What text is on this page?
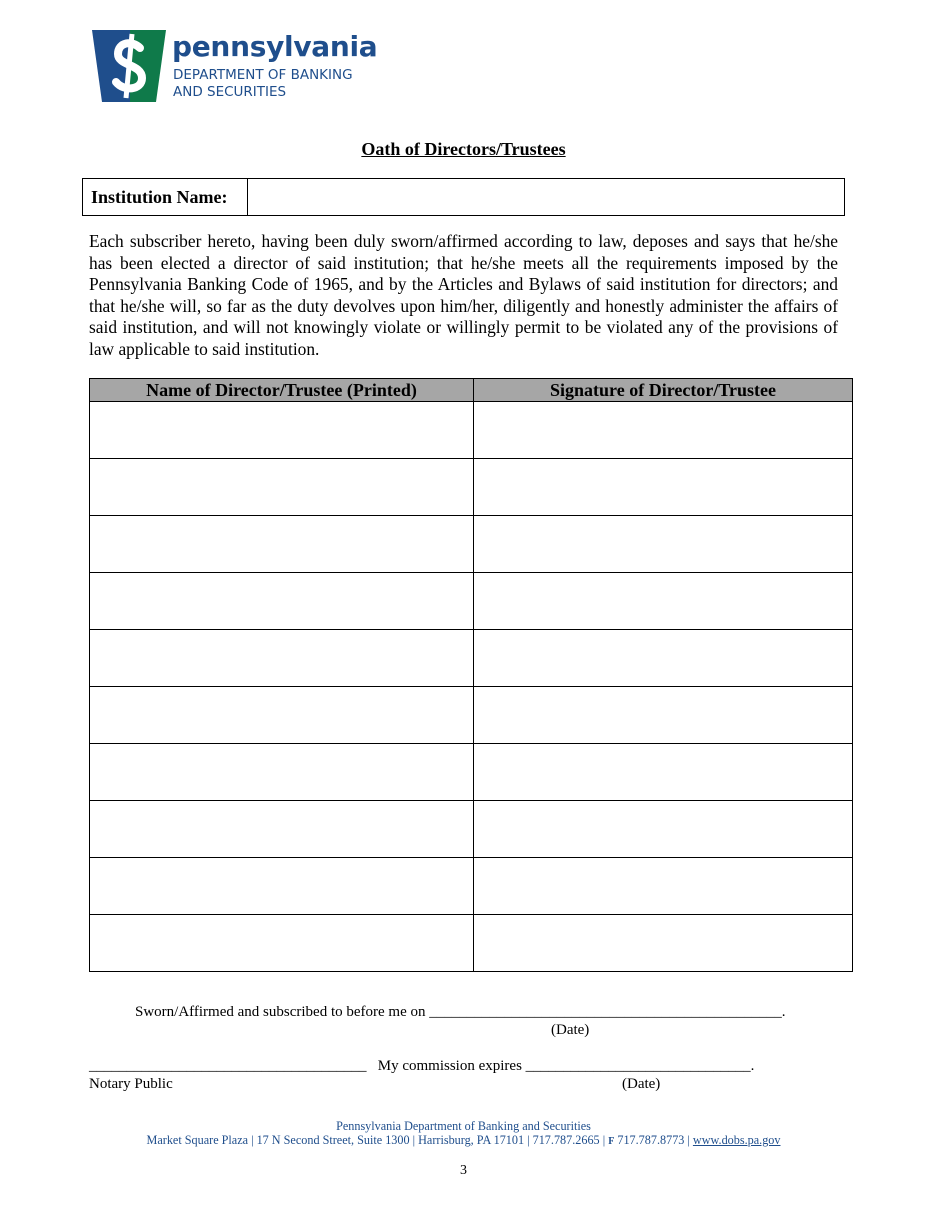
pennsylvania
DEPARTMENT OF BANKING
AND SECURITIES
Oath of Directors/Trustees
Institution Name:
Each subscriber hereto, having been duly sworn/affirmed according to law, deposes and says that he/she has been elected a director of said institution; that he/she meets all the requirements imposed by the Pennsylvania Banking Code of 1965, and by the Articles and Bylaws of said institution for directors; and that he/she will, so far as the duty devolves upon him/her, diligently and honestly administer the affairs of said institution, and will not knowingly violate or willingly permit to be violated any of the provisions of law applicable to said institution.
Name of Director/Trustee (Printed)	Signature of Director/Trustee

Sworn/Affirmed and subscribed to before me on _______________________________________________.
(Date)
_____________________________________   My commission expires ______________________________.
Notary Public	(Date)
Pennsylvania Department of Banking and Securities
Market Square Plaza | 17 N Second Street, Suite 1300 | Harrisburg, PA 17101 | 717.787.2665 | F 717.787.8773 | www.dobs.pa.gov
3
